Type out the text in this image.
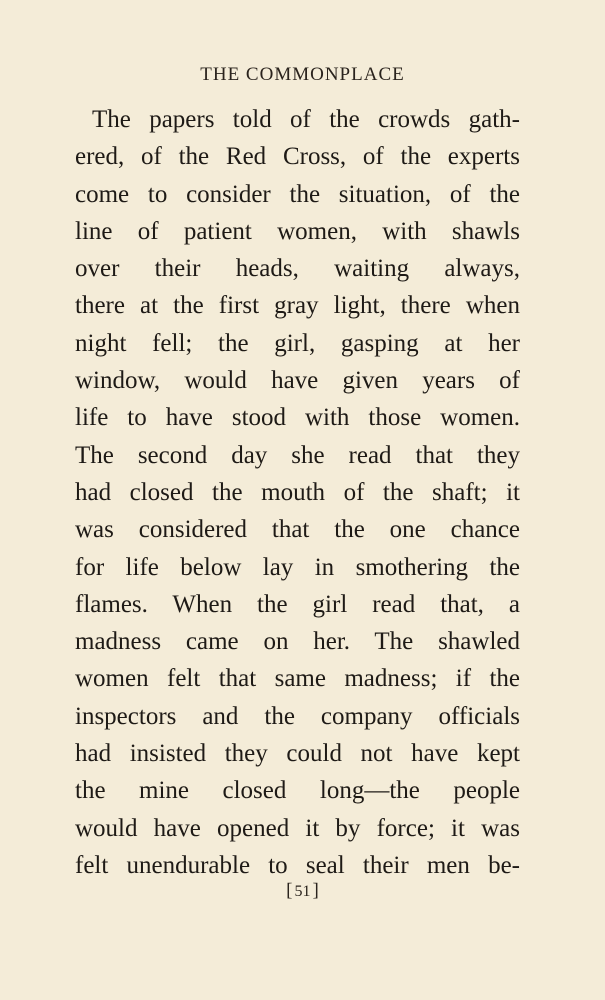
THE COMMONPLACE
The papers told of the crowds gath-
ered, of the Red Cross, of the experts
come to consider the situation, of the
line of patient women, with shawls
over their heads, waiting always,
there at the first gray light, there when
night fell; the girl, gasping at her
window, would have given years of
life to have stood with those women.
The second day she read that they
had closed the mouth of the shaft; it
was considered that the one chance
for life below lay in smothering the
flames. When the girl read that, a
madness came on her. The shawled
women felt that same madness; if the
inspectors and the company officials
had insisted they could not have kept
the mine closed long—the people
would have opened it by force; it was
felt unendurable to seal their men be-
[ 51 ]
